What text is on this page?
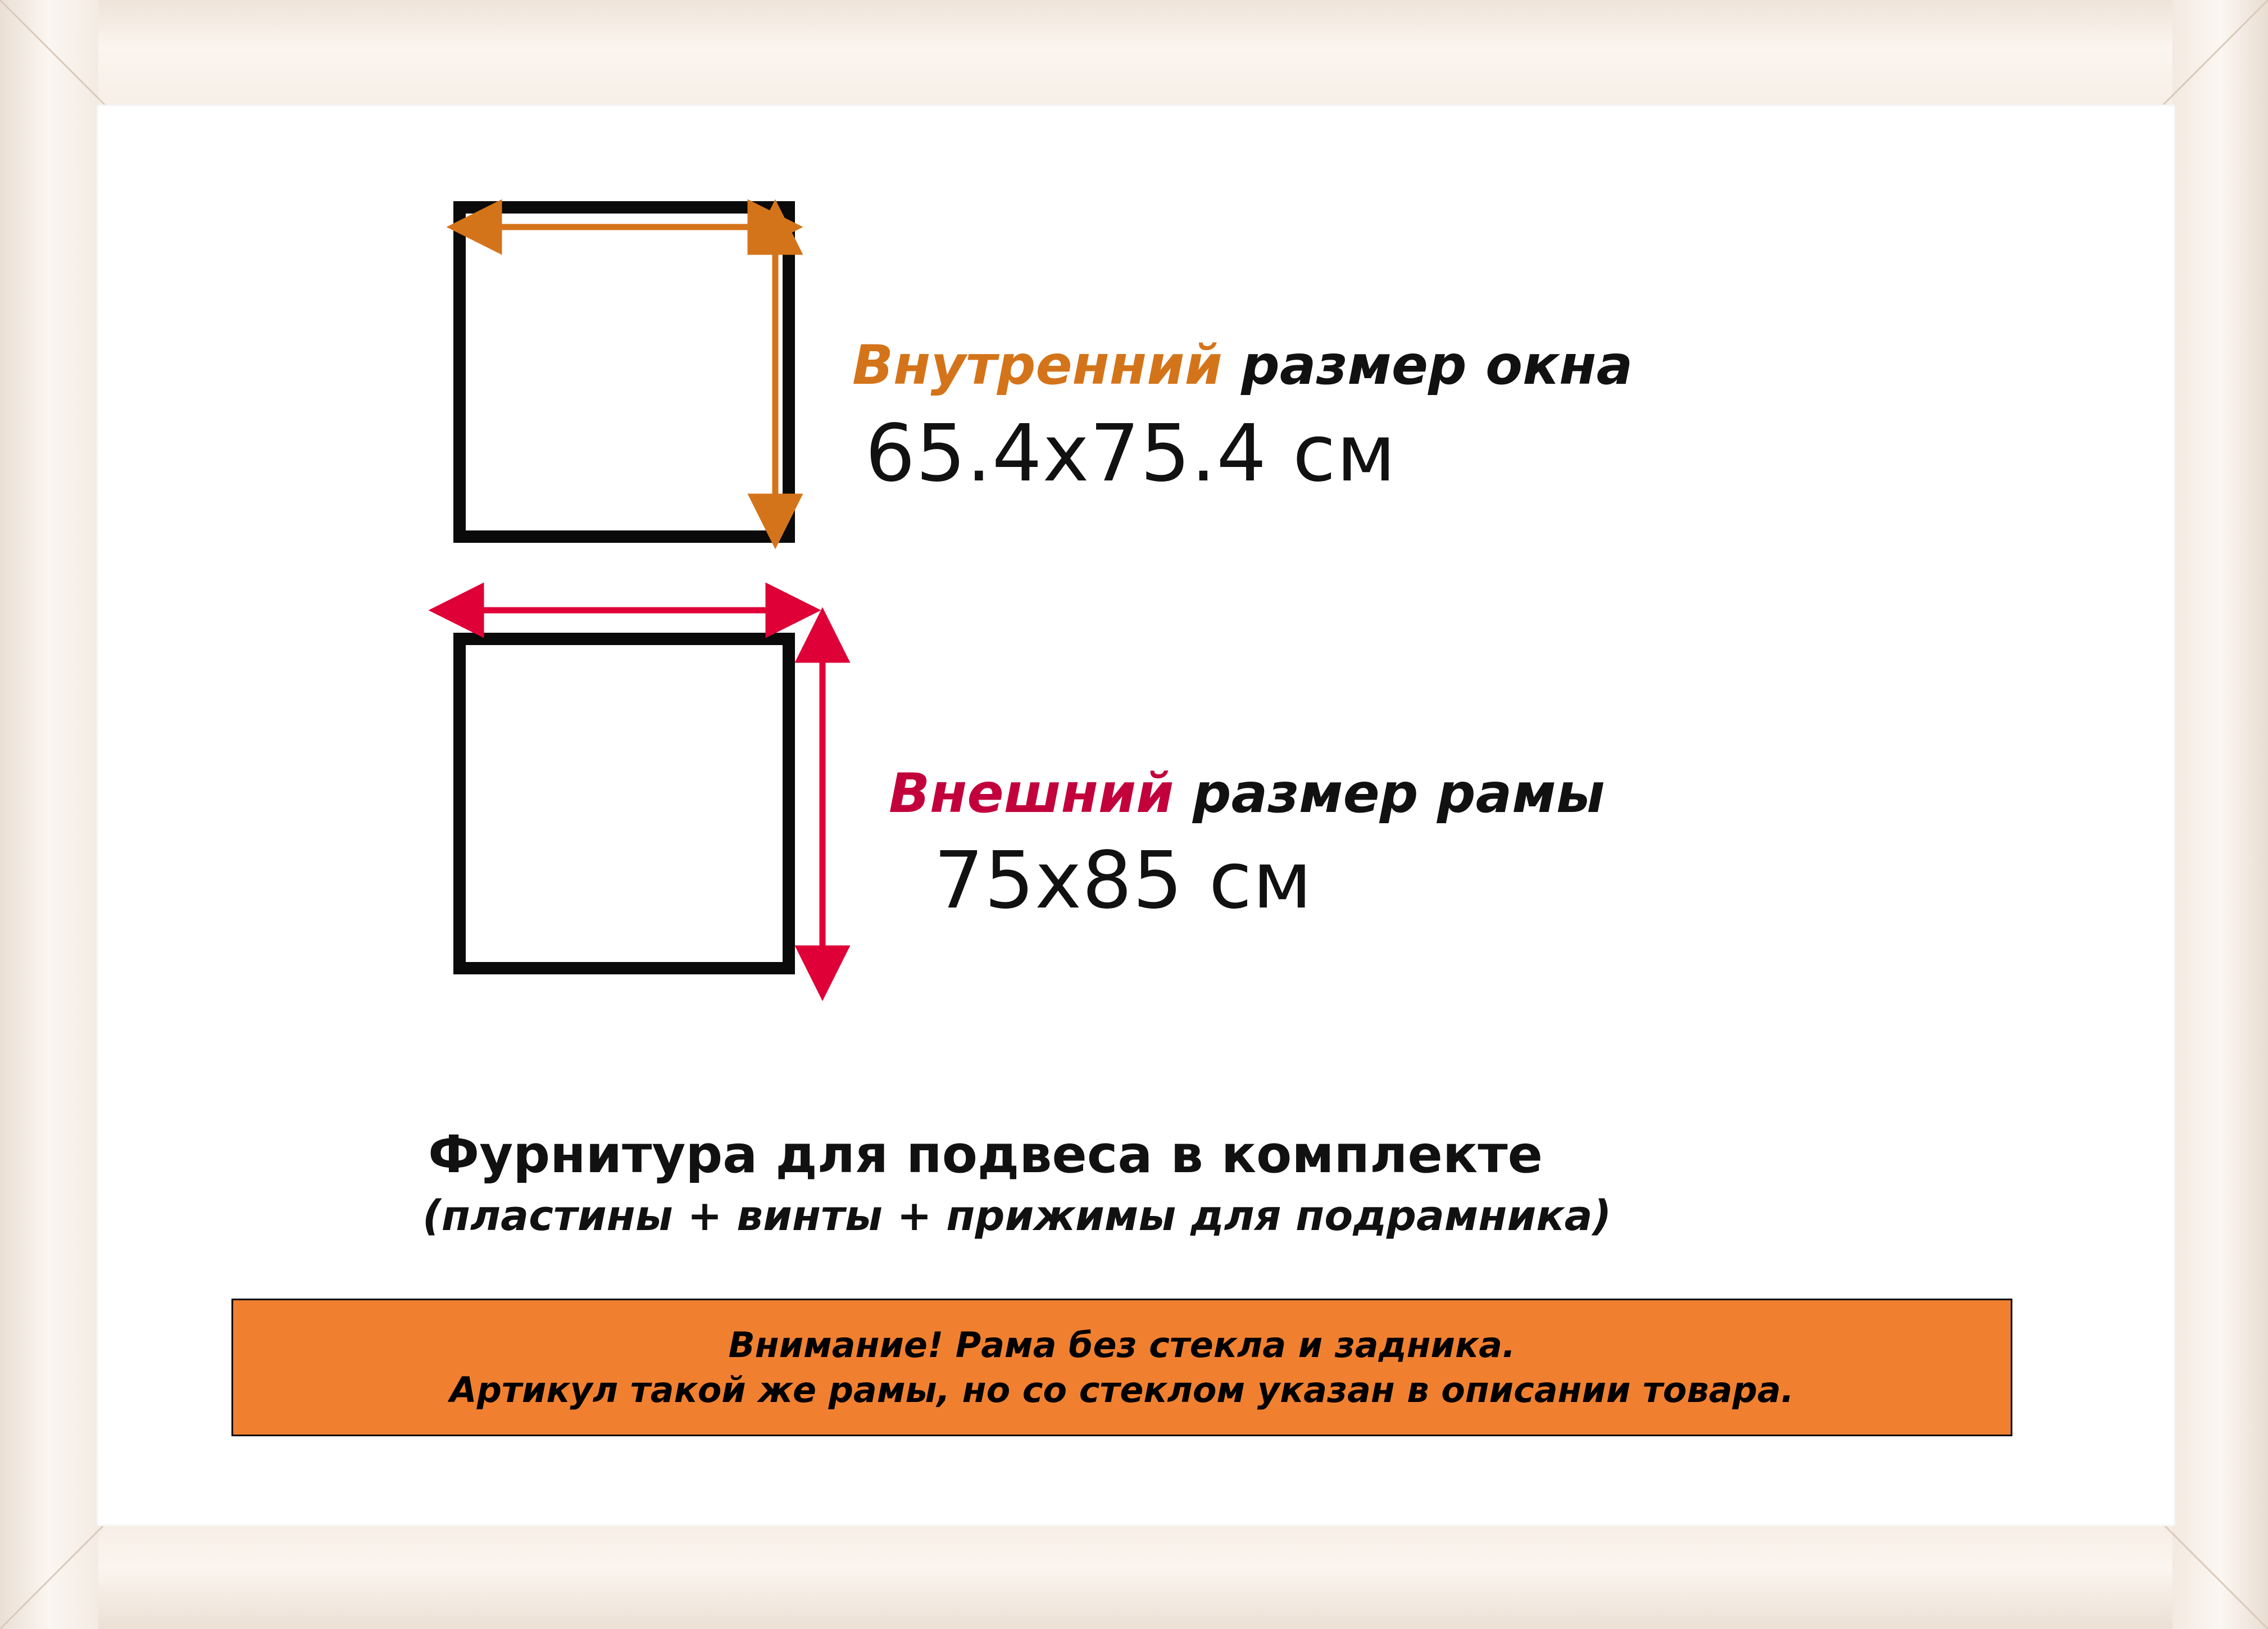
Внутренний размер окна
65.4х75.4 см
Внешний размер рамы
75х85 см
Фурнитура для подвеса в комплекте
(пластины + винты + прижимы для подрамника)
Внимание! Рама без стекла и задника.
Артикул такой же рамы, но со стеклом указан в описании товара.
